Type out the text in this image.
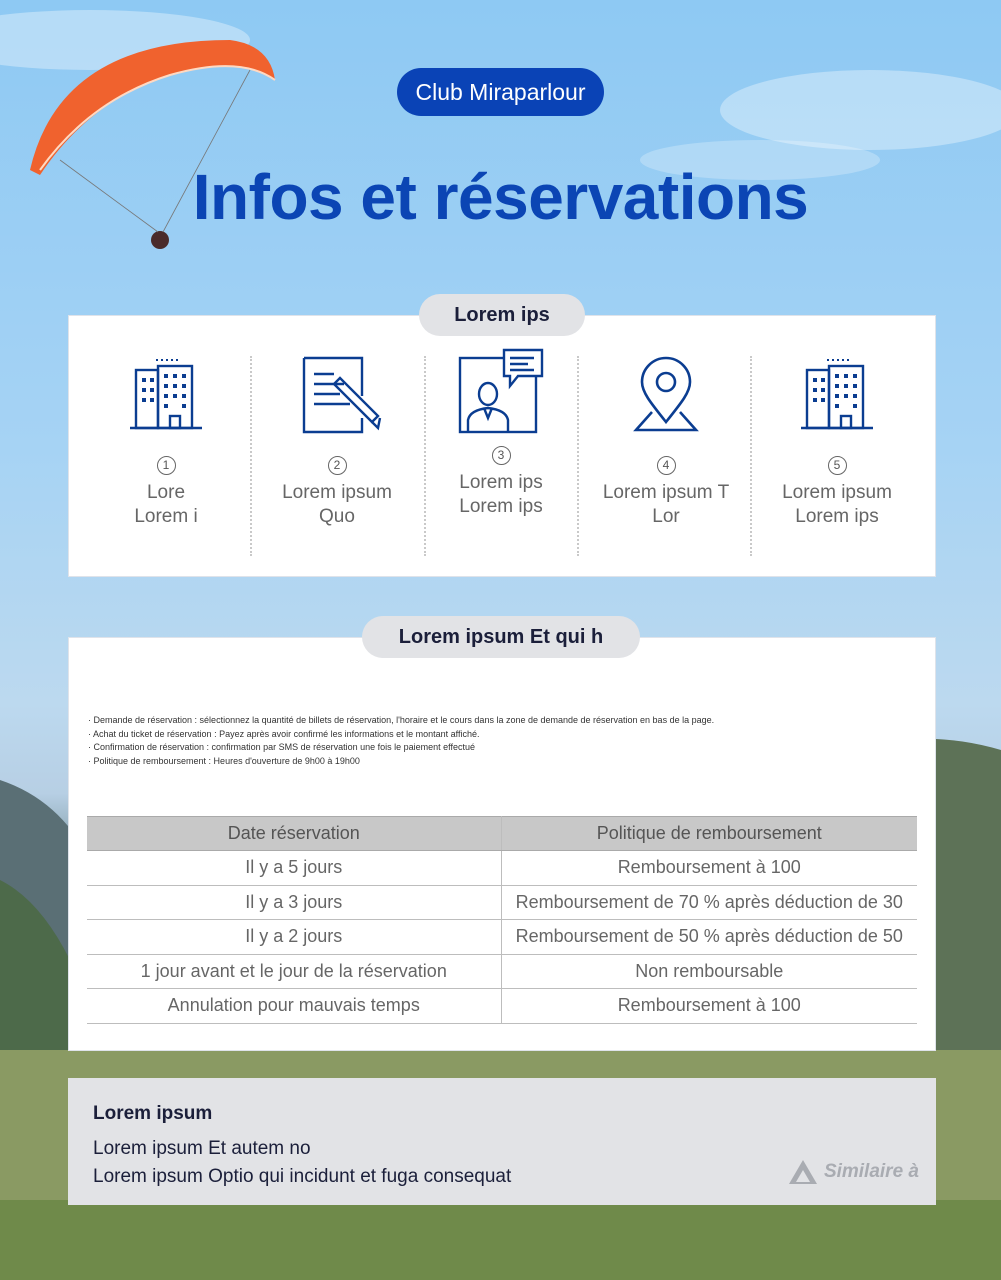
Club Miraparlour
Infos et réservations
Lorem ips
1
Lore
Lorem i
2
Lorem ipsum
Quo
3
Lorem ips
Lorem ips
4
Lorem ipsum T
Lor
5
Lorem ipsum
Lorem ips
Lorem ipsum Et qui h
· Demande de réservation : sélectionnez la quantité de billets de réservation, l'horaire et le cours dans la zone de demande de réservation en bas de la page.
· Achat du ticket de réservation : Payez après avoir confirmé les informations et le montant affiché.
· Confirmation de réservation : confirmation par SMS de réservation une fois le paiement effectué
· Politique de remboursement : Heures d'ouverture de 9h00 à 19h00
Date réservation	Politique de remboursement
Il y a 5 jours	Remboursement à 100
Il y a 3 jours	Remboursement de 70 % après déduction de 30
Il y a 2 jours	Remboursement de 50 % après déduction de 50
1 jour avant et le jour de la réservation	Non remboursable
Annulation pour mauvais temps	Remboursement à 100
Lorem ipsum
Lorem ipsum Et autem no
Lorem ipsum Optio qui incidunt et fuga consequat	Similaire à
